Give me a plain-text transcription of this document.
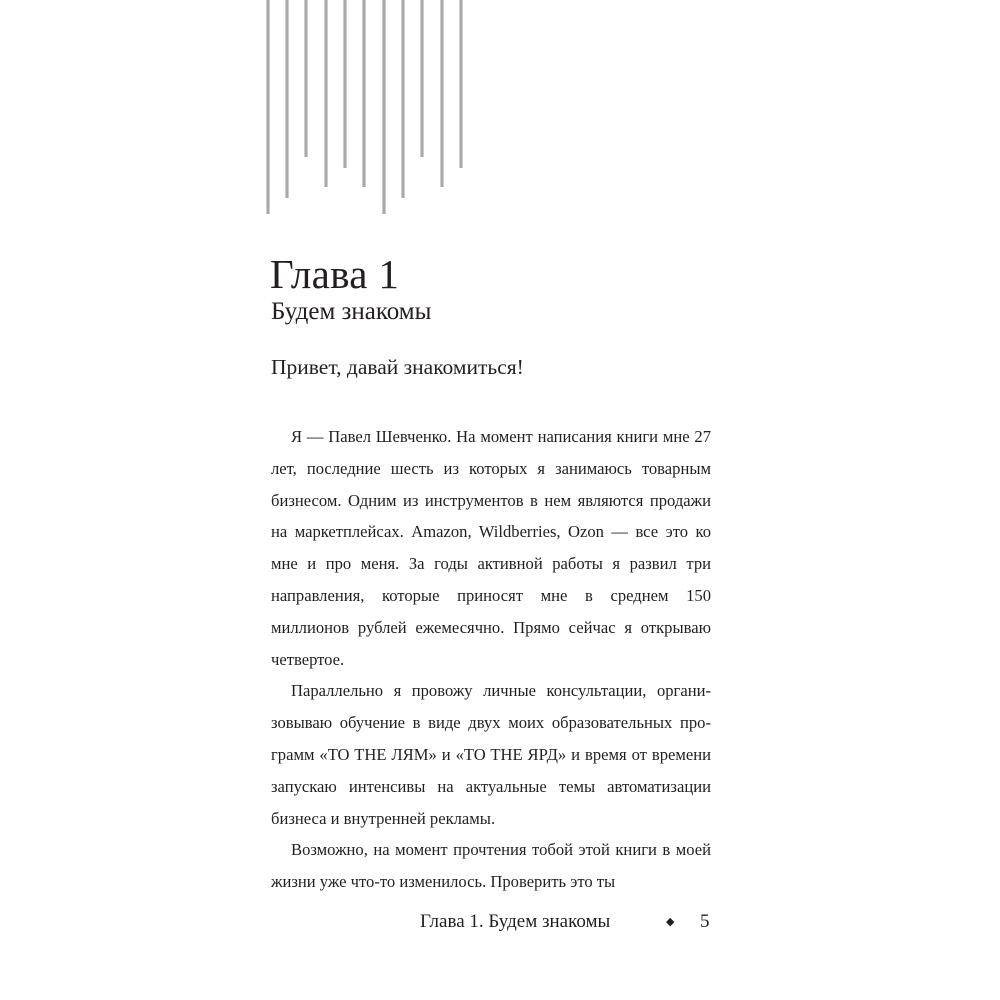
Глава 1
Будем знакомы
Привет, давай знакомиться!

Я — Павел Шевченко. На момент написания книги мне 27 лет, последние шесть из которых я занимаюсь товарным бизнесом. Одним из инструментов в нем являются продажи на маркетплейсах. Amazon, Wildberries, Ozon — все это ко мне и про меня. За годы активной работы я развил три направления, которые приносят мне в среднем 150 миллионов рублей ежемесячно. Прямо сейчас я открываю четвертое.

Параллельно я провожу личные консультации, организовываю обучение в виде двух моих образовательных программ «TO THE ЛЯМ» и «TO THE ЯРД» и время от времени запускаю интенсивы на актуальные темы автоматизации бизнеса и внутренней рекламы.

Возможно, на момент прочтения тобой этой книги в моей жизни уже что-то изменилось. Проверить это ты

Глава 1. Будем знакомы	◆ 5
